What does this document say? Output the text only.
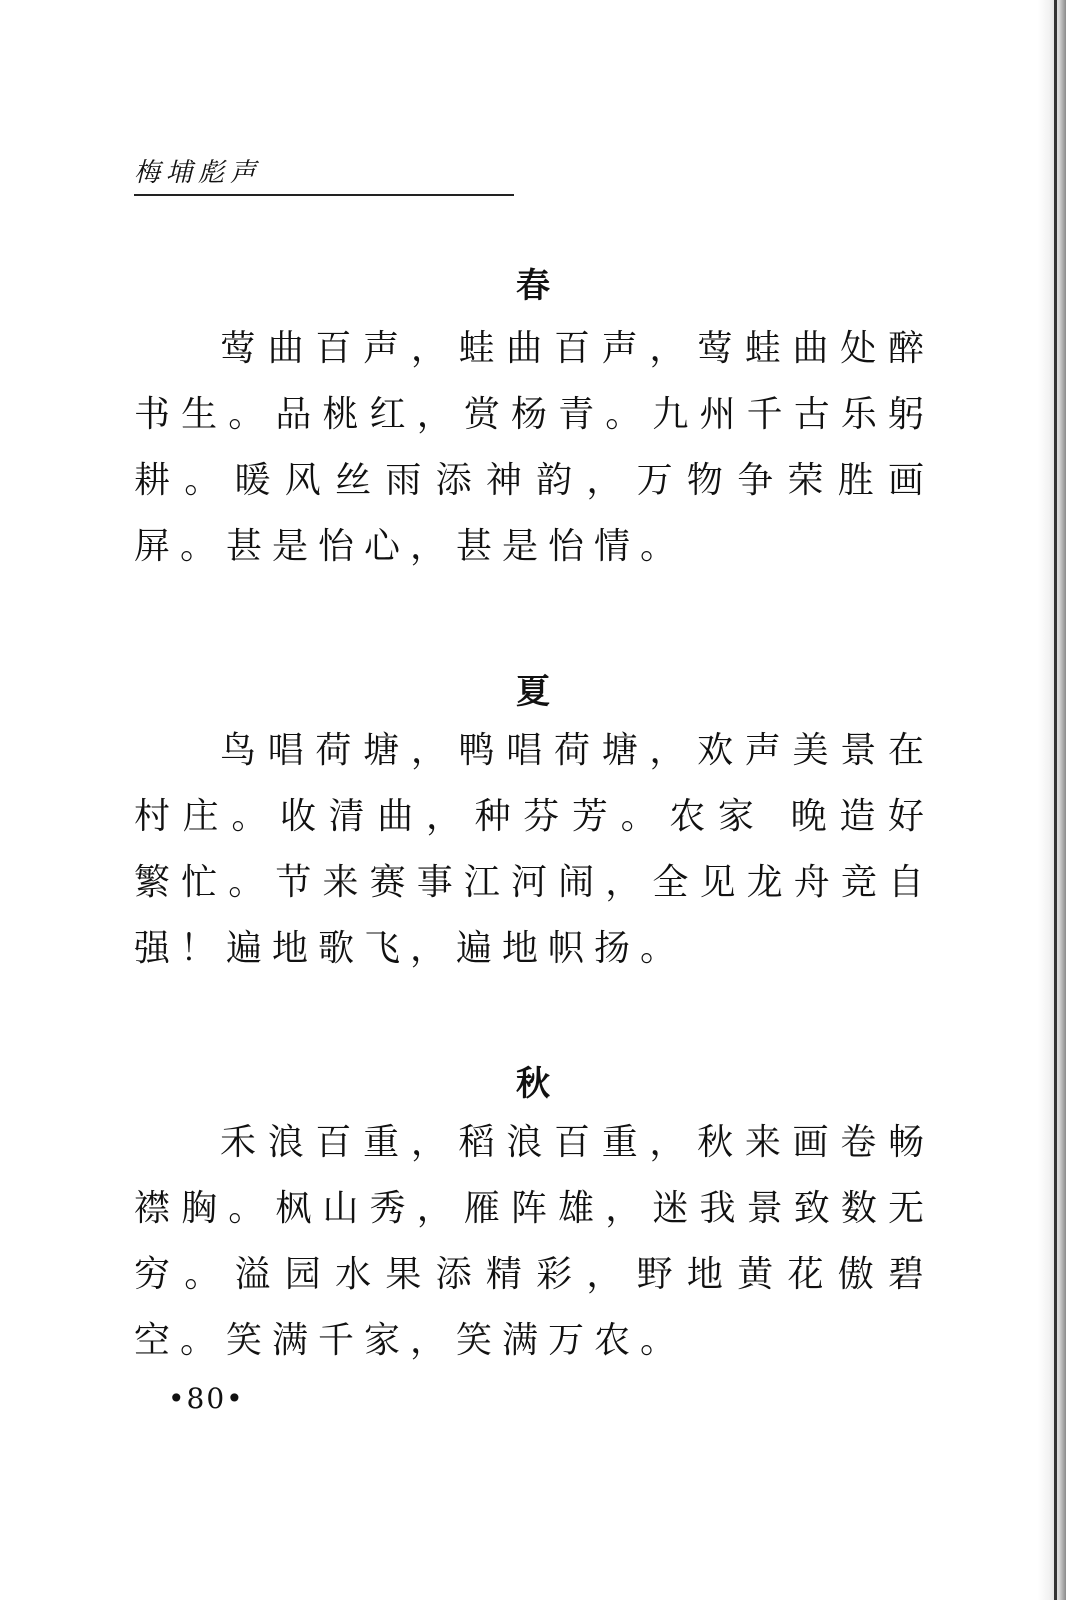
梅埔彪声
春
莺曲百声，蛙曲百声，莺蛙曲处醉书生。品桃红，赏杨青。九州千古乐躬耕。暖风丝雨添神韵，万物争荣胜画屏。甚是怡心，甚是怡情。
夏
鸟唱荷塘，鸭唱荷塘，欢声美景在村庄。收清曲，种芬芳。农家 晚造好繁忙。节来赛事江河闹，全见龙舟竞自强！遍地歌飞，遍地帜扬。
秋
禾浪百重，稻浪百重，秋来画卷畅襟胸。枫山秀，雁阵雄，迷我景致数无穷。溢园水果添精彩，野地黄花傲碧空。笑满千家，笑满万农。
•80•
